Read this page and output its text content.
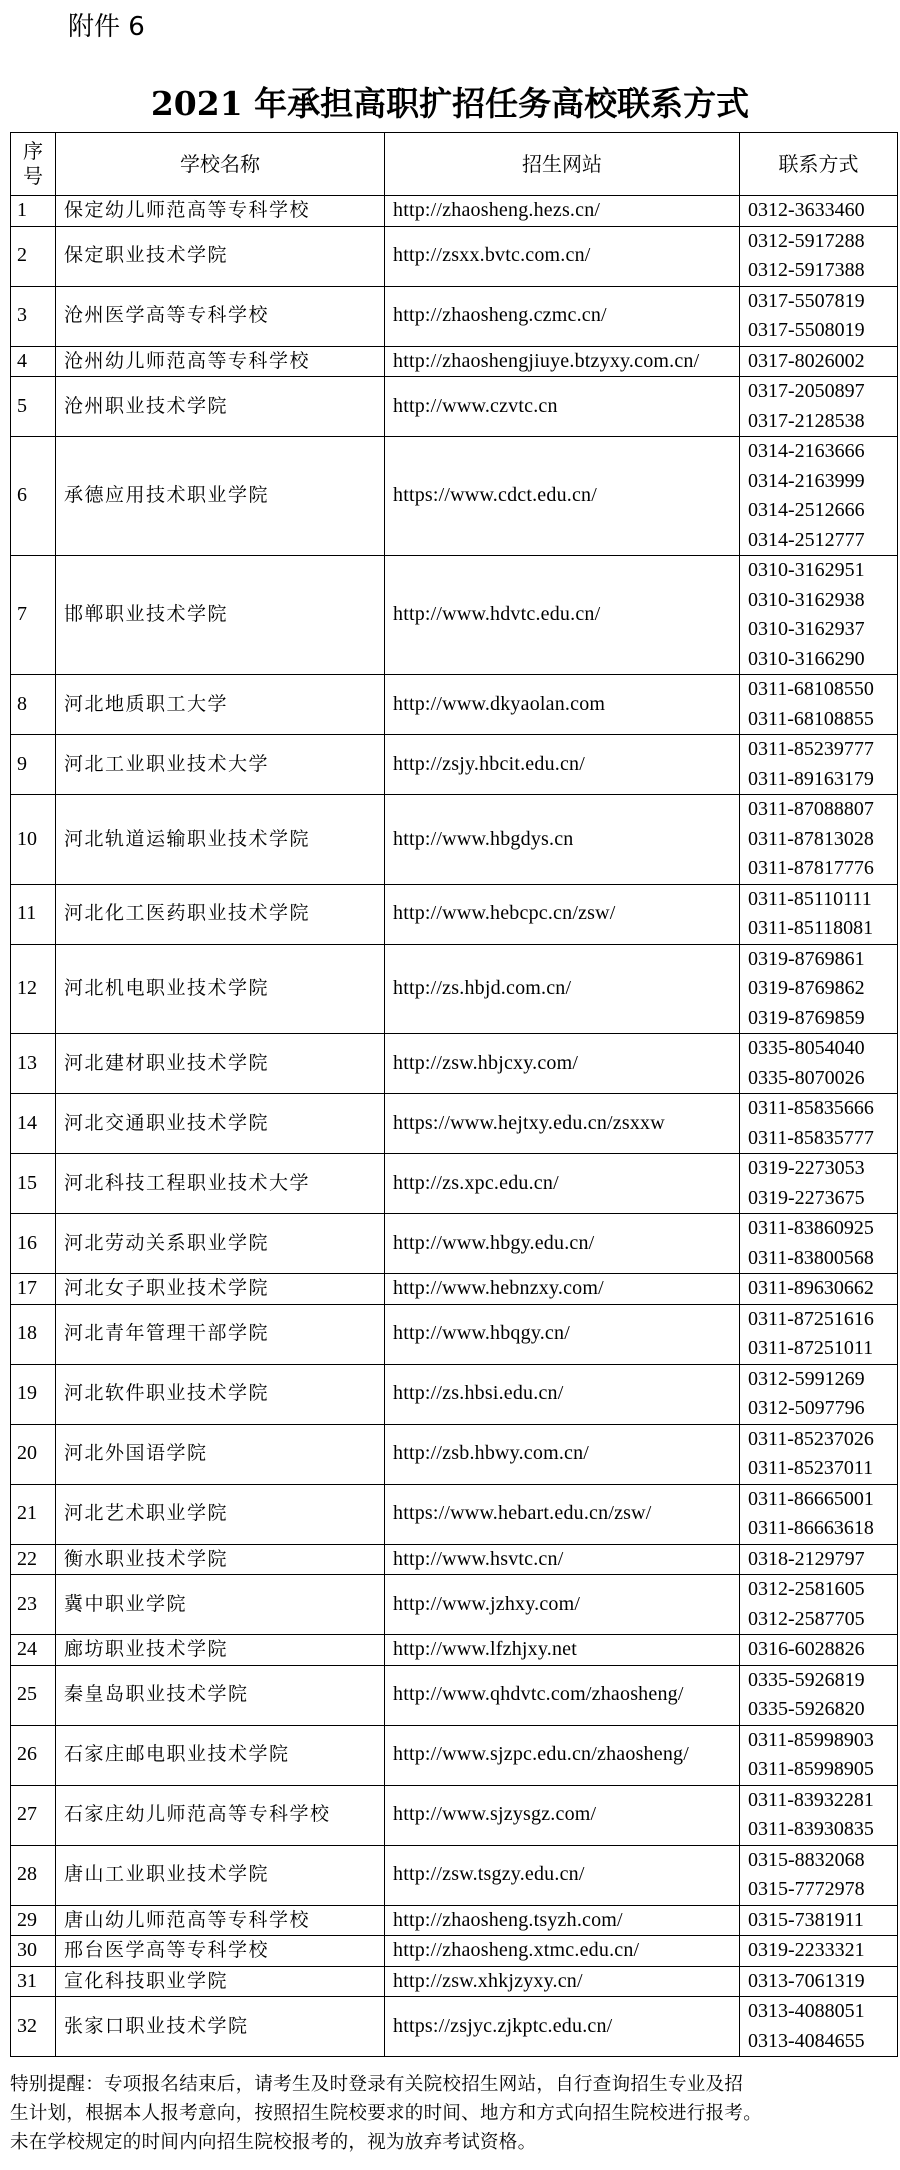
附件 6
2021 年承担高职扩招任务高校联系方式
序
号	学校名称	招生网站	联系方式
1	保定幼儿师范高等专科学校	http://zhaosheng.hezs.cn/	0312-3633460

2	保定职业技术学院	http://zsxx.bvtc.com.cn/	0312-5917288
0312-5917388

3	沧州医学高等专科学校	http://zhaosheng.czmc.cn/	0317-5507819
0317-5508019

4	沧州幼儿师范高等专科学校	http://zhaoshengjiuye.btzyxy.com.cn/	0317-8026002

5	沧州职业技术学院	http://www.czvtc.cn	0317-2050897
0317-2128538

6	承德应用技术职业学院	https://www.cdct.edu.cn/	0314-2163666
0314-2163999
0314-2512666
0314-2512777

7	邯郸职业技术学院	http://www.hdvtc.edu.cn/	0310-3162951
0310-3162938
0310-3162937
0310-3166290

8	河北地质职工大学	http://www.dkyaolan.com	0311-68108550
0311-68108855

9	河北工业职业技术大学	http://zsjy.hbcit.edu.cn/	0311-85239777
0311-89163179

10	河北轨道运输职业技术学院	http://www.hbgdys.cn	0311-87088807
0311-87813028
0311-87817776

11	河北化工医药职业技术学院	http://www.hebcpc.cn/zsw/	0311-85110111
0311-85118081

12	河北机电职业技术学院	http://zs.hbjd.com.cn/	0319-8769861
0319-8769862
0319-8769859

13	河北建材职业技术学院	http://zsw.hbjcxy.com/	0335-8054040
0335-8070026

14	河北交通职业技术学院	https://www.hejtxy.edu.cn/zsxxw	0311-85835666
0311-85835777

15	河北科技工程职业技术大学	http://zs.xpc.edu.cn/	0319-2273053
0319-2273675

16	河北劳动关系职业学院	http://www.hbgy.edu.cn/	0311-83860925
0311-83800568

17	河北女子职业技术学院	http://www.hebnzxy.com/	0311-89630662

18	河北青年管理干部学院	http://www.hbqgy.cn/	0311-87251616
0311-87251011

19	河北软件职业技术学院	http://zs.hbsi.edu.cn/	0312-5991269
0312-5097796

20	河北外国语学院	http://zsb.hbwy.com.cn/	0311-85237026
0311-85237011

21	河北艺术职业学院	https://www.hebart.edu.cn/zsw/	0311-86665001
0311-86663618

22	衡水职业技术学院	http://www.hsvtc.cn/	0318-2129797

23	冀中职业学院	http://www.jzhxy.com/	0312-2581605
0312-2587705

24	廊坊职业技术学院	http://www.lfzhjxy.net	0316-6028826

25	秦皇岛职业技术学院	http://www.qhdvtc.com/zhaosheng/	0335-5926819
0335-5926820

26	石家庄邮电职业技术学院	http://www.sjzpc.edu.cn/zhaosheng/	0311-85998903
0311-85998905

27	石家庄幼儿师范高等专科学校	http://www.sjzysgz.com/	0311-83932281
0311-83930835

28	唐山工业职业技术学院	http://zsw.tsgzy.edu.cn/	0315-8832068
0315-7772978

29	唐山幼儿师范高等专科学校	http://zhaosheng.tsyzh.com/	0315-7381911

30	邢台医学高等专科学校	http://zhaosheng.xtmc.edu.cn/	0319-2233321

31	宣化科技职业学院	http://zsw.xhkjzyxy.cn/	0313-7061319

32	张家口职业技术学院	https://zsjyc.zjkptc.edu.cn/	0313-4088051
0313-4084655
特别提醒：专项报名结束后，请考生及时登录有关院校招生网站，自行查询招生专业及招
生计划，根据本人报考意向，按照招生院校要求的时间、地方和方式向招生院校进行报考。
未在学校规定的时间内向招生院校报考的，视为放弃考试资格。
